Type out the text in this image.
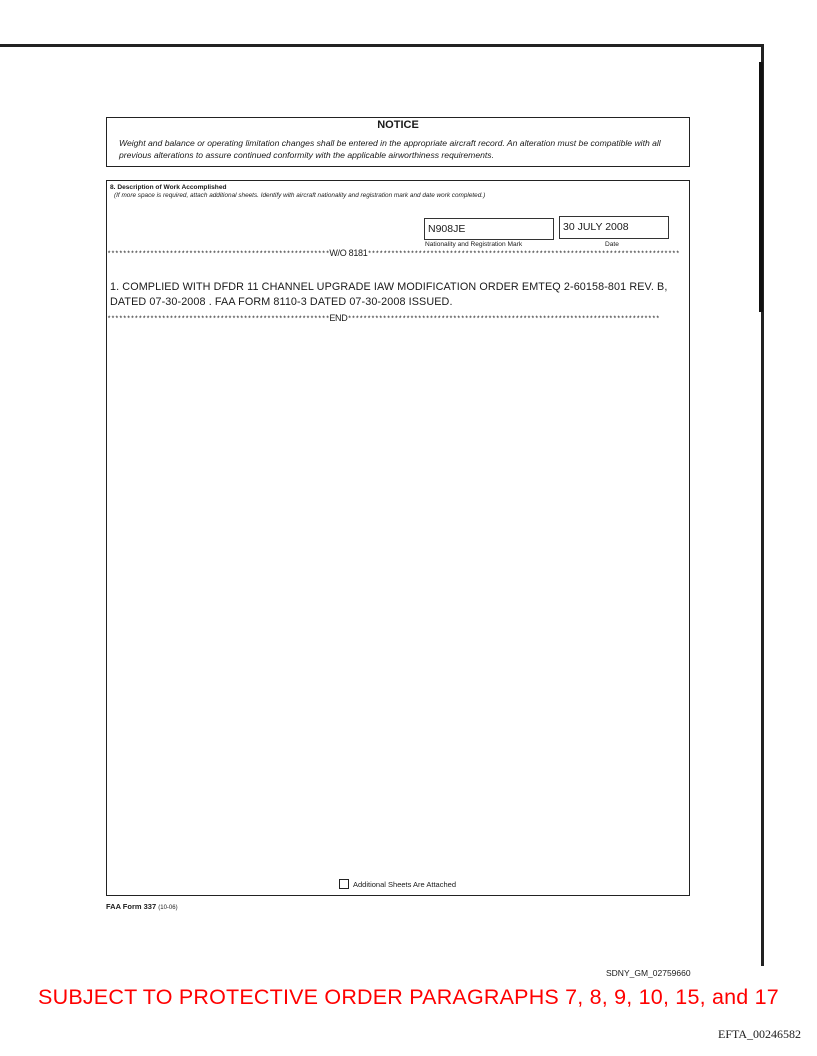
NOTICE
Weight and balance or operating limitation changes shall be entered in the appropriate aircraft record. An alteration must be compatible with all previous alterations to assure continued conformity with the applicable airworthiness requirements.
8. Description of Work Accomplished
(If more space is required, attach additional sheets. Identify with aircraft nationality and registration mark and date work completed.)
N908JE
Nationality and Registration Mark
30 JULY 2008
Date
*********************************************************W/O 8181********************************************************************************
1. COMPLIED WITH DFDR 11 CHANNEL UPGRADE IAW MODIFICATION ORDER EMTEQ 2-60158-801 REV. B, DATED 07-30-2008 . FAA FORM 8110-3 DATED 07-30-2008 ISSUED.
*********************************************************END********************************************************************************
Additional Sheets Are Attached
FAA Form 337 (10-06)
SDNY_GM_02759660
SUBJECT TO PROTECTIVE ORDER PARAGRAPHS 7, 8, 9, 10, 15, and 17
EFTA_00246582
